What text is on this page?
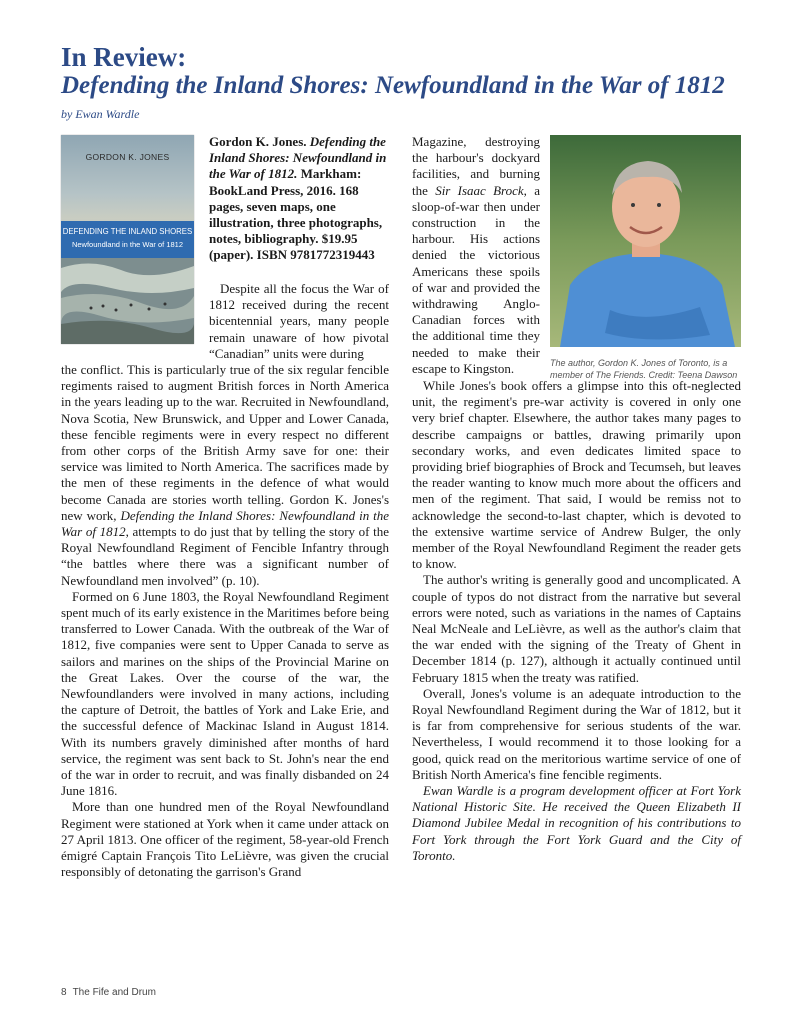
In Review:
Defending the Inland Shores: Newfoundland in the War of 1812
by Ewan Wardle
GORDON K. JONES
DEFENDING THE INLAND SHORES
Newfoundland in the War of 1812
Gordon K. Jones. Defending the Inland Shores: Newfoundland in the War of 1812. Markham: BookLand Press, 2016. 168 pages, seven maps, one illustration, three photographs, notes, bibliography. $19.95 (paper). ISBN 9781772319443

Despite all the focus the War of 1812 received during the recent bicentennial years, many people remain unaware of how pivotal “Canadian” units were during

the conflict. This is particularly true of the six regular fencible regiments raised to augment British forces in North America in the years leading up to the war. Recruited in Newfoundland, Nova Scotia, New Brunswick, and Upper and Lower Canada, these fencible regiments were in every respect no different from other corps of the British Army save for one: their service was limited to North America. The sacrifices made by the men of these regiments in the defence of what would become Canada are stories worth telling. Gordon K. Jones's new work, Defending the Inland Shores: Newfoundland in the War of 1812, attempts to do just that by telling the story of the Royal Newfoundland Regiment of Fencible Infantry through “the battles where there was a significant number of Newfoundland men involved” (p. 10).

Formed on 6 June 1803, the Royal Newfoundland Regiment spent much of its early existence in the Maritimes before being transferred to Lower Canada. With the outbreak of the War of 1812, five companies were sent to Upper Canada to serve as sailors and marines on the ships of the Provincial Marine on the Great Lakes. Over the course of the war, the Newfoundlanders were involved in many actions, including the capture of Detroit, the battles of York and Lake Erie, and the successful defence of Mackinac Island in August 1814. With its numbers gravely diminished after months of hard service, the regiment was sent back to St. John's near the end of the war in order to recruit, and was finally disbanded on 24 June 1816.

More than one hundred men of the Royal Newfoundland Regiment were stationed at York when it came under attack on 27 April 1813. One officer of the regiment, 58-year-old French émigré Captain François Tito LeLièvre, was given the crucial responsibly of detonating the garrison's Grand

Magazine, destroying the harbour's dockyard facilities, and burning the Sir Isaac Brock, a sloop-of-war then under construction in the harbour. His actions denied the victorious Americans these spoils of war and provided the withdrawing Anglo-Canadian forces with the additional time they needed to make their escape to Kingston.	The author, Gordon K. Jones of Toronto, is a member of The Friends. Credit: Teena Dawson

While Jones's book offers a glimpse into this oft-neglected unit, the regiment's pre-war activity is covered in only one very brief chapter. Elsewhere, the author takes many pages to describe campaigns or battles, drawing primarily upon secondary works, and even dedicates limited space to providing brief biographies of Brock and Tecumseh, but leaves the reader wanting to know much more about the officers and men of the regiment. That said, I would be remiss not to acknowledge the second-to-last chapter, which is devoted to the extensive wartime service of Andrew Bulger, the only member of the Royal Newfoundland Regiment the reader gets to know.

The author's writing is generally good and uncomplicated. A couple of typos do not distract from the narrative but several errors were noted, such as variations in the names of Captains Neal McNeale and LeLièvre, as well as the author's claim that the war ended with the signing of the Treaty of Ghent in December 1814 (p. 127), although it actually continued until February 1815 when the treaty was ratified.

Overall, Jones's volume is an adequate introduction to the Royal Newfoundland Regiment during the War of 1812, but it is far from comprehensive for serious students of the war. Nevertheless, I would recommend it to those looking for a good, quick read on the meritorious wartime service of one of British North America's fine fencible regiments.

Ewan Wardle is a program development officer at Fort York National Historic Site. He received the Queen Elizabeth II Diamond Jubilee Medal in recognition of his contributions to Fort York through the Fort York Guard and the City of Toronto.

8 The Fife and Drum
